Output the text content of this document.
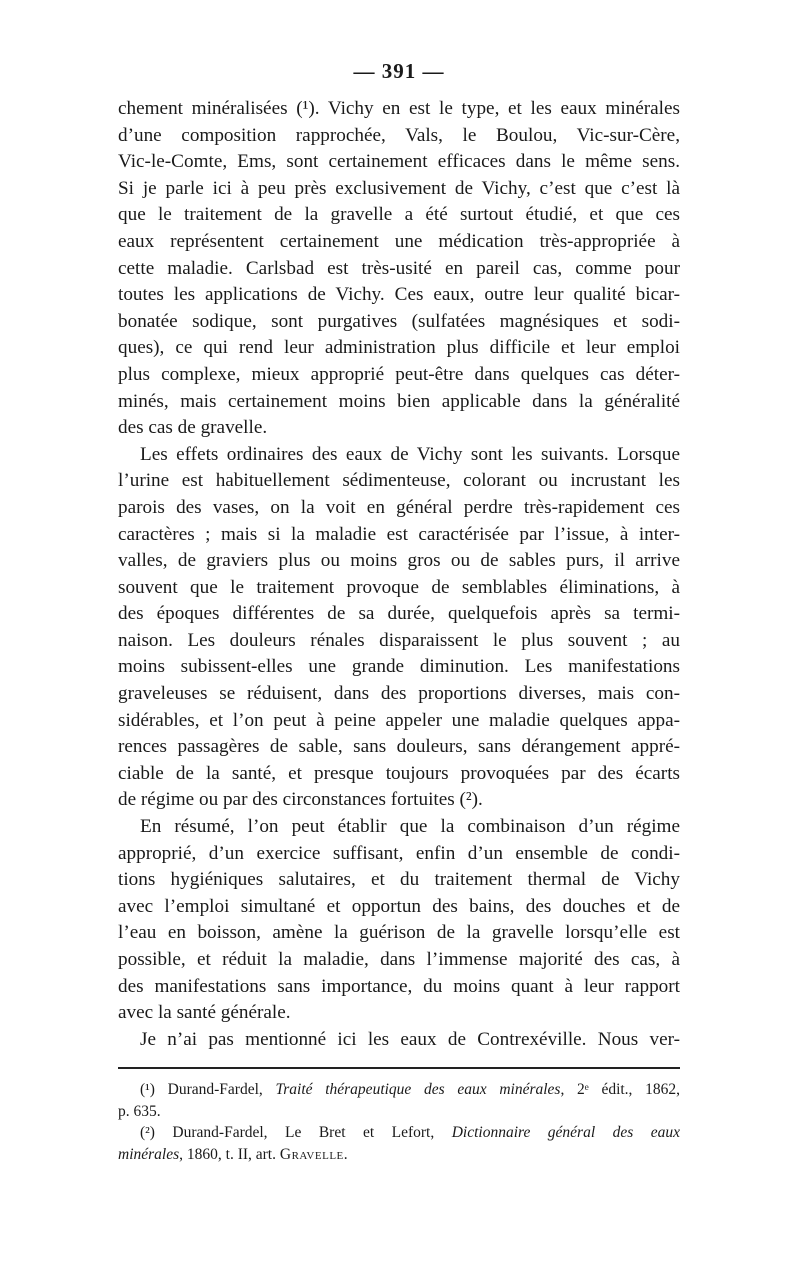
— 391 —
chement minéralisées (¹). Vichy en est le type, et les eaux minérales
d’une composition rapprochée, Vals, le Boulou, Vic-sur-Cère,
Vic-le-Comte, Ems, sont certainement efficaces dans le même sens.
Si je parle ici à peu près exclusivement de Vichy, c’est que c’est là
que le traitement de la gravelle a été surtout étudié, et que ces
eaux représentent certainement une médication très-appropriée à
cette maladie. Carlsbad est très-usité en pareil cas, comme pour
toutes les applications de Vichy. Ces eaux, outre leur qualité bicar-
bonatée sodique, sont purgatives (sulfatées magnésiques et sodi-
ques), ce qui rend leur administration plus difficile et leur emploi
plus complexe, mieux approprié peut-être dans quelques cas déter-
minés, mais certainement moins bien applicable dans la généralité
des cas de gravelle.
Les effets ordinaires des eaux de Vichy sont les suivants. Lorsque
l’urine est habituellement sédimenteuse, colorant ou incrustant les
parois des vases, on la voit en général perdre très-rapidement ces
caractères ; mais si la maladie est caractérisée par l’issue, à inter-
valles, de graviers plus ou moins gros ou de sables purs, il arrive
souvent que le traitement provoque de semblables éliminations, à
des époques différentes de sa durée, quelquefois après sa termi-
naison. Les douleurs rénales disparaissent le plus souvent ; au
moins subissent-elles une grande diminution. Les manifestations
graveleuses se réduisent, dans des proportions diverses, mais con-
sidérables, et l’on peut à peine appeler une maladie quelques appa-
rences passagères de sable, sans douleurs, sans dérangement appré-
ciable de la santé, et presque toujours provoquées par des écarts
de régime ou par des circonstances fortuites (²).
En résumé, l’on peut établir que la combinaison d’un régime
approprié, d’un exercice suffisant, enfin d’un ensemble de condi-
tions hygiéniques salutaires, et du traitement thermal de Vichy
avec l’emploi simultané et opportun des bains, des douches et de
l’eau en boisson, amène la guérison de la gravelle lorsqu’elle est
possible, et réduit la maladie, dans l’immense majorité des cas, à
des manifestations sans importance, du moins quant à leur rapport
avec la santé générale.
Je n’ai pas mentionné ici les eaux de Contrexéville. Nous ver-
(¹) Durand-Fardel, Traité thérapeutique des eaux minérales, 2ᵉ édit., 1862,
p. 635.
(²) Durand-Fardel, Le Bret et Lefort, Dictionnaire général des eaux
minérales, 1860, t. II, art. Gravelle.
